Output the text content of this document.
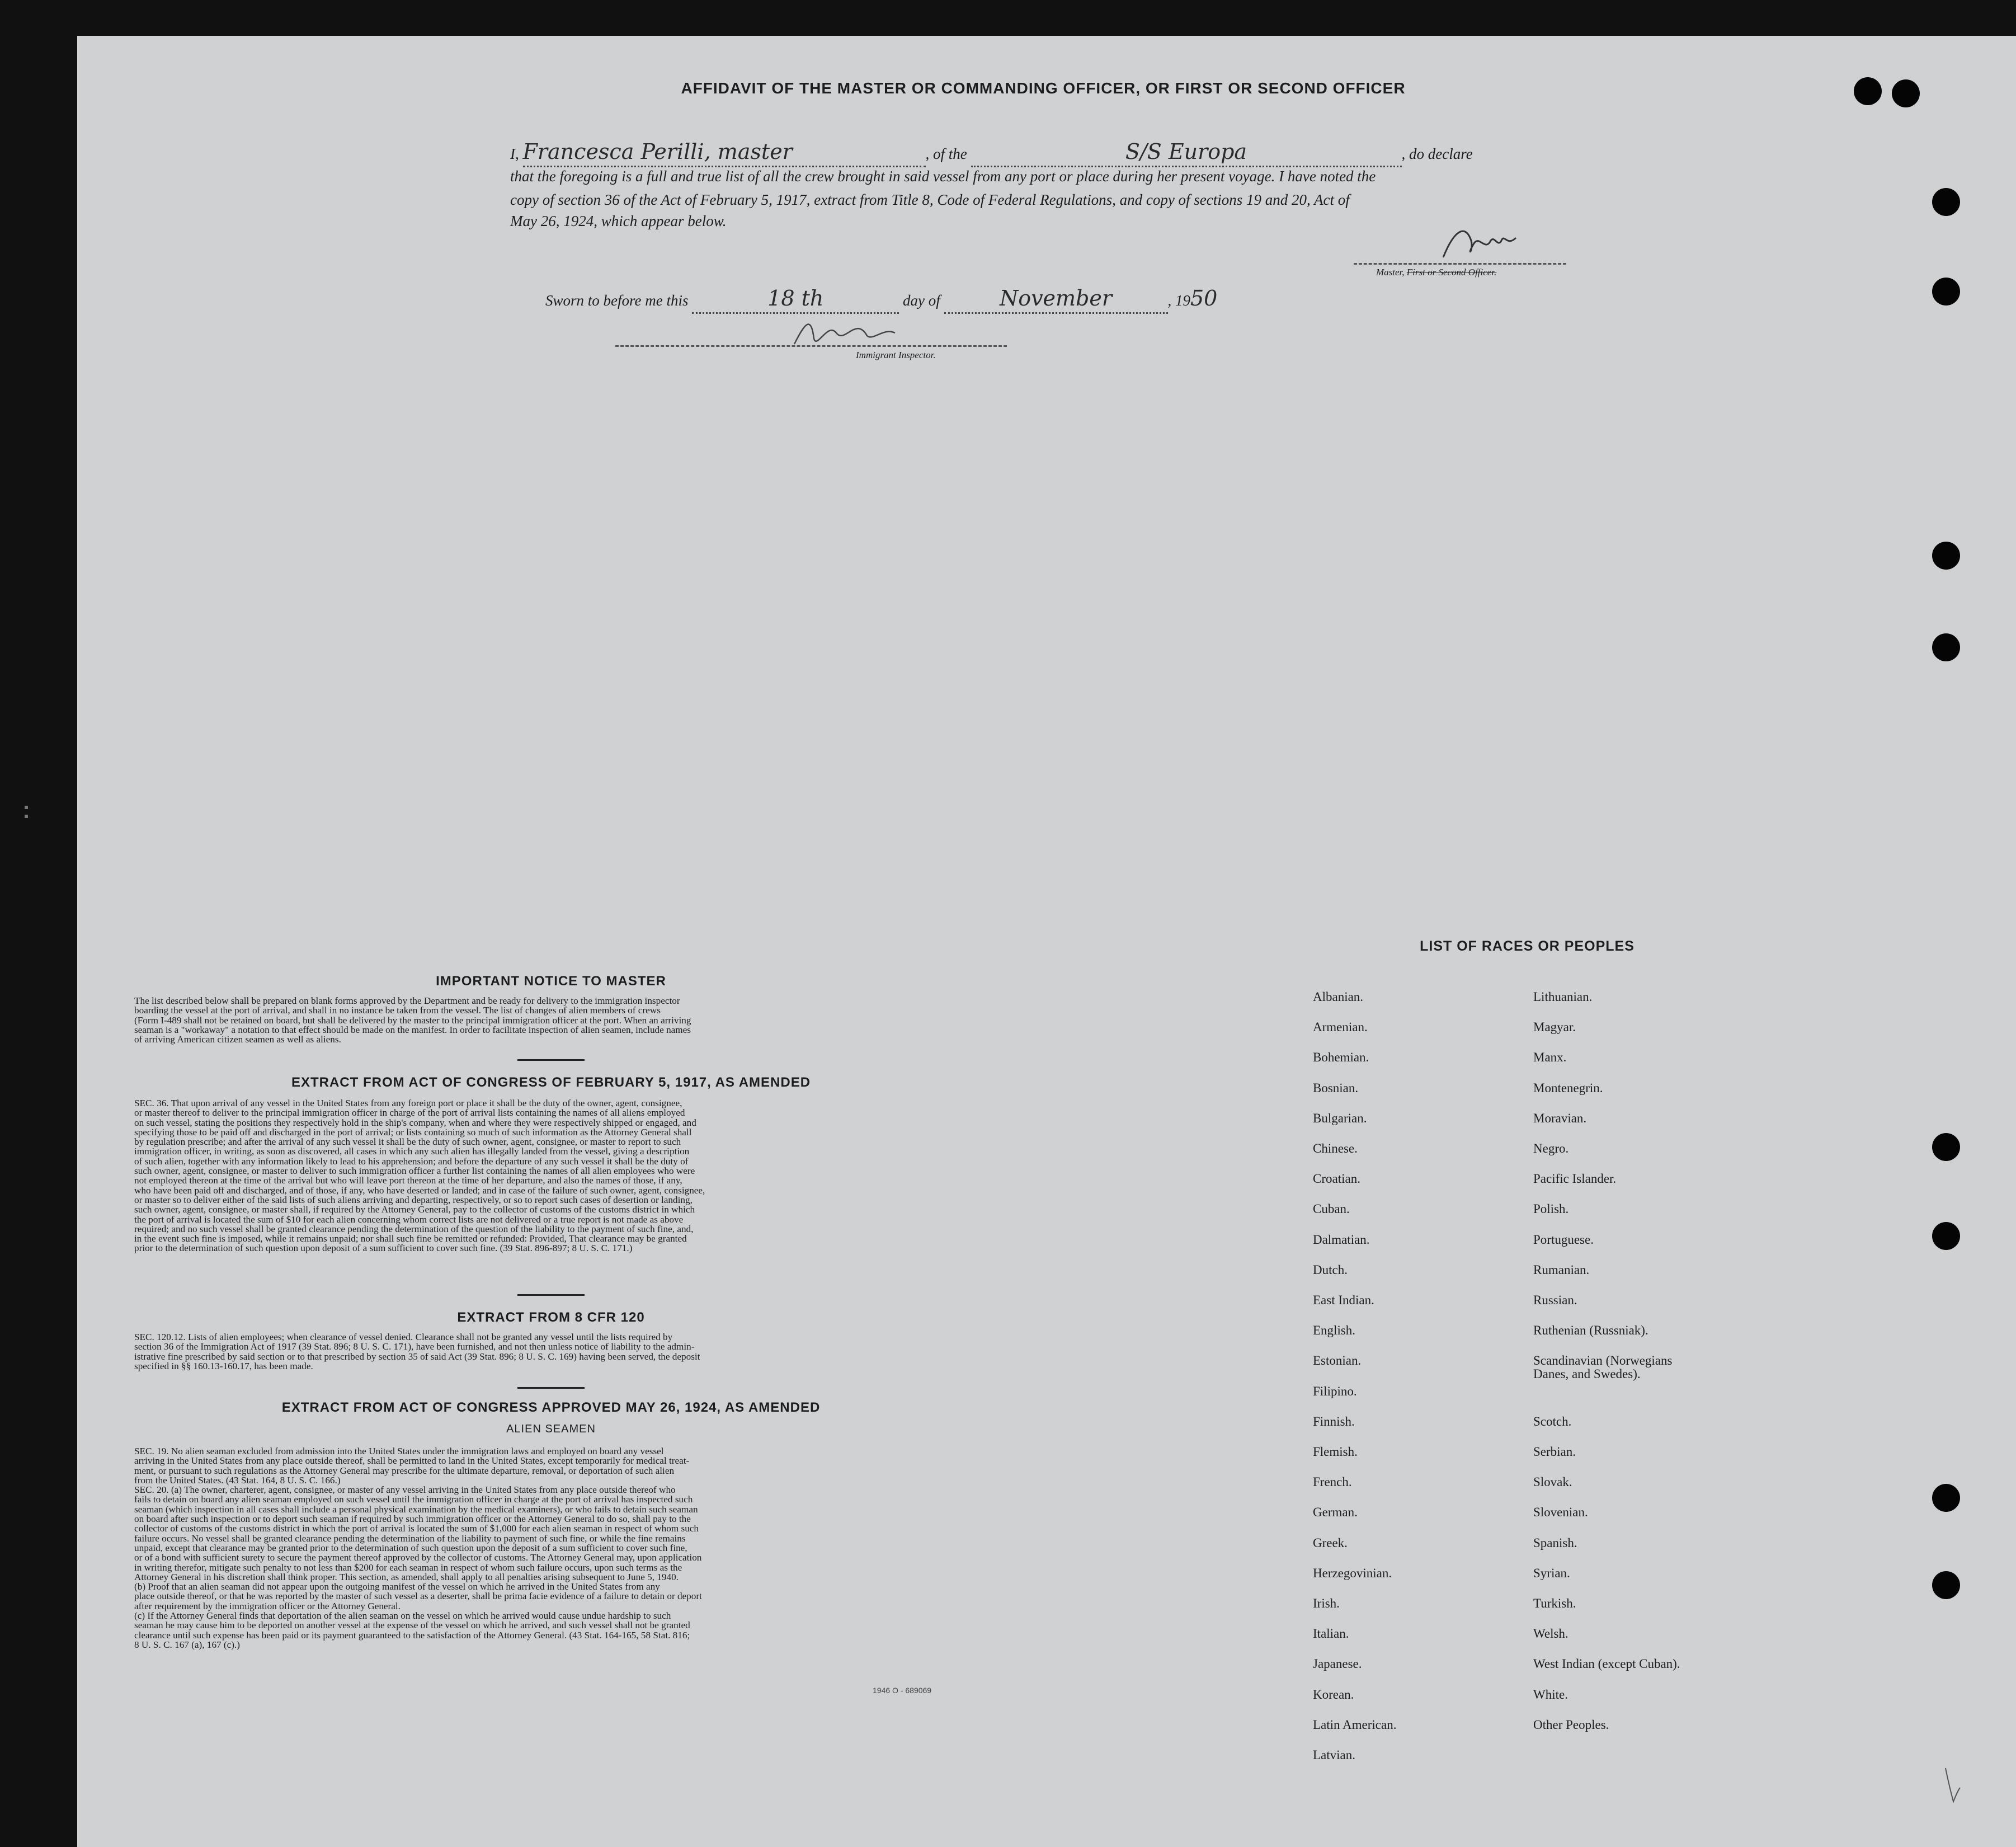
AFFIDAVIT OF THE MASTER OR COMMANDING OFFICER, OR FIRST OR SECOND OFFICER
I, Francesca Perilli, master	, of the	S/S Europa	, do declare
that the foregoing is a full and true list of all the crew brought in said vessel from any port or place during her present voyage. I have noted the
copy of section 36 of the Act of February 5, 1917, extract from Title 8, Code of Federal Regulations, and copy of sections 19 and 20, Act of
May 26, 1924, which appear below.
Master, First or Second Officer.
Sworn to before me this	18 th	day of	November	, 1950
Immigrant Inspector.
IMPORTANT NOTICE TO MASTER
The list described below shall be prepared on blank forms approved by the Department and be ready for delivery to the immigration inspector
boarding the vessel at the port of arrival, and shall in no instance be taken from the vessel. The list of changes of alien members of crews
(Form I-489 shall not be retained on board, but shall be delivered by the master to the principal immigration officer at the port. When an arriving
seaman is a "workaway" a notation to that effect should be made on the manifest. In order to facilitate inspection of alien seamen, include names
of arriving American citizen seamen as well as aliens.
EXTRACT FROM ACT OF CONGRESS OF FEBRUARY 5, 1917, AS AMENDED
SEC. 36. That upon arrival of any vessel in the United States from any foreign port or place it shall be the duty of the owner, agent, consignee,
or master thereof to deliver to the principal immigration officer in charge of the port of arrival lists containing the names of all aliens employed
on such vessel, stating the positions they respectively hold in the ship's company, when and where they were respectively shipped or engaged, and
specifying those to be paid off and discharged in the port of arrival; or lists containing so much of such information as the Attorney General shall
by regulation prescribe; and after the arrival of any such vessel it shall be the duty of such owner, agent, consignee, or master to report to such
immigration officer, in writing, as soon as discovered, all cases in which any such alien has illegally landed from the vessel, giving a description
of such alien, together with any information likely to lead to his apprehension; and before the departure of any such vessel it shall be the duty of
such owner, agent, consignee, or master to deliver to such immigration officer a further list containing the names of all alien employees who were
not employed thereon at the time of the arrival but who will leave port thereon at the time of her departure, and also the names of those, if any,
who have been paid off and discharged, and of those, if any, who have deserted or landed; and in case of the failure of such owner, agent, consignee,
or master so to deliver either of the said lists of such aliens arriving and departing, respectively, or so to report such cases of desertion or landing,
such owner, agent, consignee, or master shall, if required by the Attorney General, pay to the collector of customs of the customs district in which
the port of arrival is located the sum of $10 for each alien concerning whom correct lists are not delivered or a true report is not made as above
required; and no such vessel shall be granted clearance pending the determination of the question of the liability to the payment of such fine, and,
in the event such fine is imposed, while it remains unpaid; nor shall such fine be remitted or refunded: Provided, That clearance may be granted
prior to the determination of such question upon deposit of a sum sufficient to cover such fine. (39 Stat. 896-897; 8 U. S. C. 171.)
EXTRACT FROM 8 CFR 120
SEC. 120.12. Lists of alien employees; when clearance of vessel denied. Clearance shall not be granted any vessel until the lists required by
section 36 of the Immigration Act of 1917 (39 Stat. 896; 8 U. S. C. 171), have been furnished, and not then unless notice of liability to the admin-
istrative fine prescribed by said section or to that prescribed by section 35 of said Act (39 Stat. 896; 8 U. S. C. 169) having been served, the deposit
specified in §§ 160.13-160.17, has been made.
EXTRACT FROM ACT OF CONGRESS APPROVED MAY 26, 1924, AS AMENDED
ALIEN SEAMEN
SEC. 19. No alien seaman excluded from admission into the United States under the immigration laws and employed on board any vessel
arriving in the United States from any place outside thereof, shall be permitted to land in the United States, except temporarily for medical treat-
ment, or pursuant to such regulations as the Attorney General may prescribe for the ultimate departure, removal, or deportation of such alien
from the United States. (43 Stat. 164, 8 U. S. C. 166.)
SEC. 20. (a) The owner, charterer, agent, consignee, or master of any vessel arriving in the United States from any place outside thereof who
fails to detain on board any alien seaman employed on such vessel until the immigration officer in charge at the port of arrival has inspected such
seaman (which inspection in all cases shall include a personal physical examination by the medical examiners), or who fails to detain such seaman
on board after such inspection or to deport such seaman if required by such immigration officer or the Attorney General to do so, shall pay to the
collector of customs of the customs district in which the port of arrival is located the sum of $1,000 for each alien seaman in respect of whom such
failure occurs. No vessel shall be granted clearance pending the determination of the liability to payment of such fine, or while the fine remains
unpaid, except that clearance may be granted prior to the determination of such question upon the deposit of a sum sufficient to cover such fine,
or of a bond with sufficient surety to secure the payment thereof approved by the collector of customs. The Attorney General may, upon application
in writing therefor, mitigate such penalty to not less than $200 for each seaman in respect of whom such failure occurs, upon such terms as the
Attorney General in his discretion shall think proper. This section, as amended, shall apply to all penalties arising subsequent to June 5, 1940.
(b) Proof that an alien seaman did not appear upon the outgoing manifest of the vessel on which he arrived in the United States from any
place outside thereof, or that he was reported by the master of such vessel as a deserter, shall be prima facie evidence of a failure to detain or deport
after requirement by the immigration officer or the Attorney General.
(c) If the Attorney General finds that deportation of the alien seaman on the vessel on which he arrived would cause undue hardship to such
seaman he may cause him to be deported on another vessel at the expense of the vessel on which he arrived, and such vessel shall not be granted
clearance until such expense has been paid or its payment guaranteed to the satisfaction of the Attorney General. (43 Stat. 164-165, 58 Stat. 816;
8 U. S. C. 167 (a), 167 (c).)
1946 O - 689069
LIST OF RACES OR PEOPLES
Albanian.
Armenian.
Bohemian.
Bosnian.
Bulgarian.
Chinese.
Croatian.
Cuban.
Dalmatian.
Dutch.
East Indian.
English.
Estonian.
Filipino.
Finnish.
Flemish.
French.
German.
Greek.
Herzegovinian.
Irish.
Italian.
Japanese.
Korean.
Latin American.
Latvian.
Lithuanian.
Magyar.
Manx.
Montenegrin.
Moravian.
Negro.
Pacific Islander.
Polish.
Portuguese.
Rumanian.
Russian.
Ruthenian (Russniak).
Scandinavian (Norwegians
Danes, and Swedes).
Scotch.
Serbian.
Slovak.
Slovenian.
Spanish.
Syrian.
Turkish.
Welsh.
West Indian (except Cuban).
White.
Other Peoples.
